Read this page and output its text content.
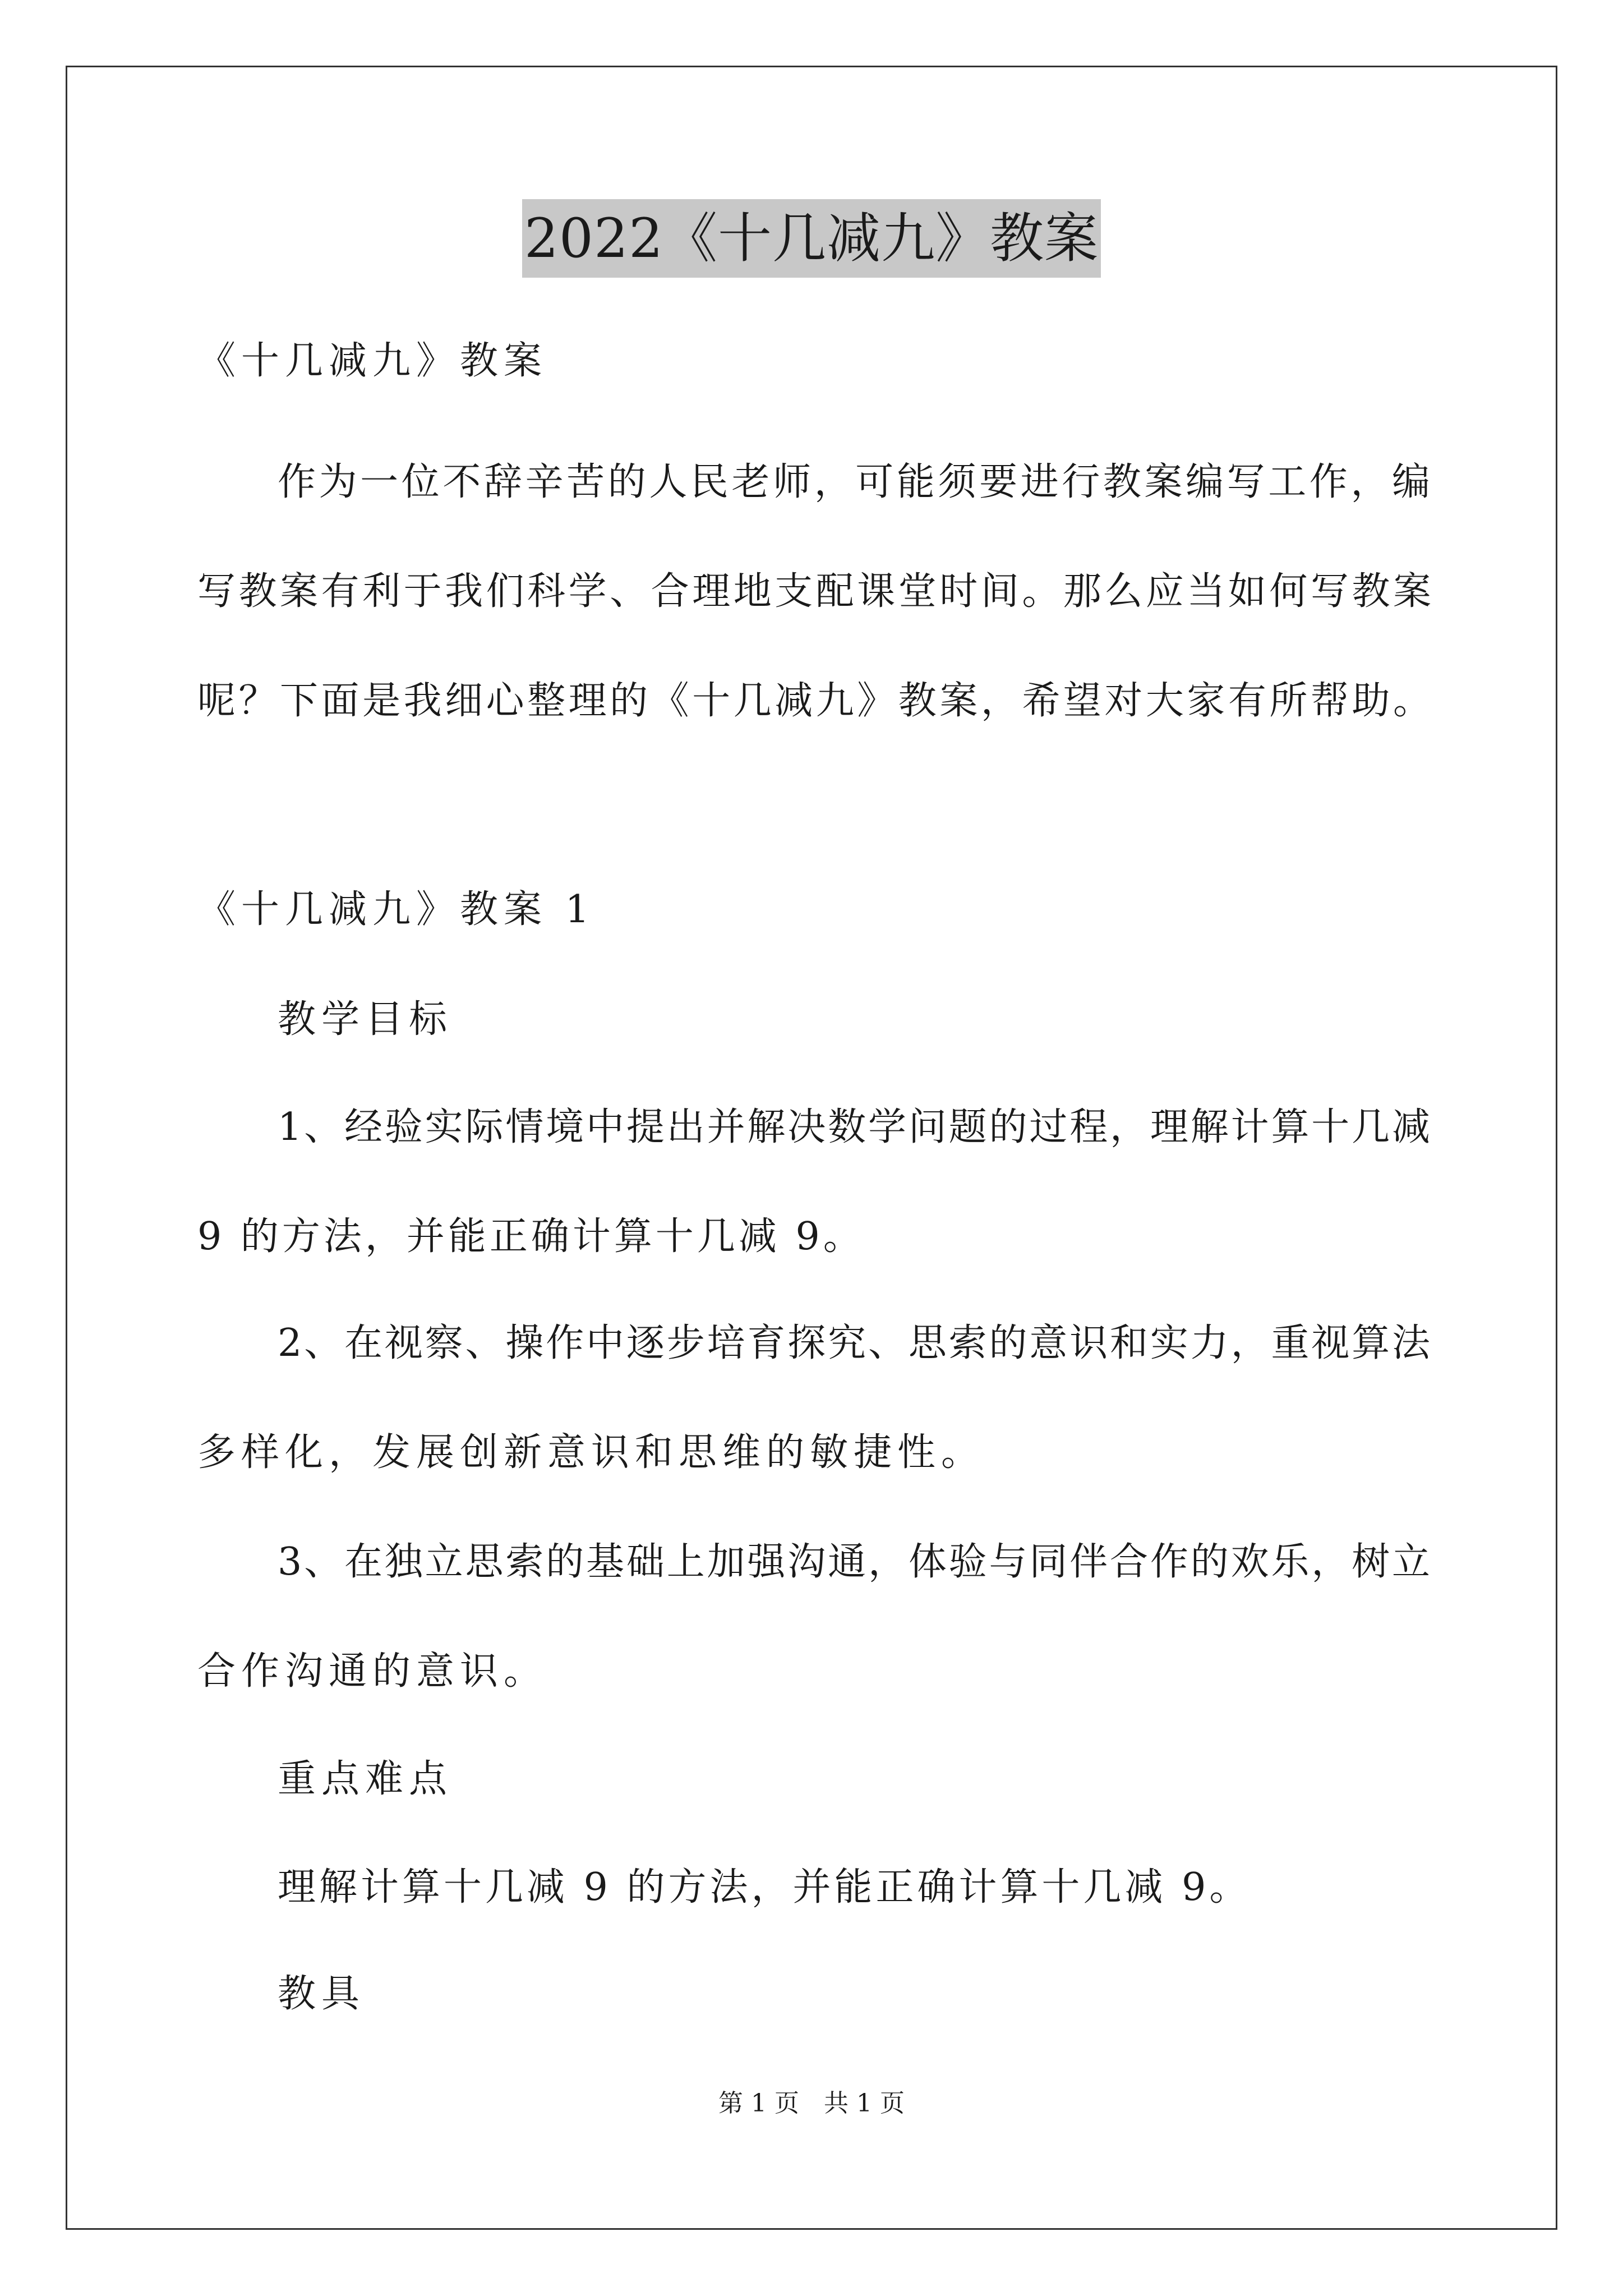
2022《十几减九》教案
《十几减九》教案
作为一位不辞辛苦的人民老师，可能须要进行教案编写工作，编
写教案有利于我们科学、合理地支配课堂时间。那么应当如何写教案
呢？下面是我细心整理的《十几减九》教案，希望对大家有所帮助。
《十几减九》教案 1
教学目标
1、经验实际情境中提出并解决数学问题的过程，理解计算十几减
9 的方法，并能正确计算十几减 9。
2、在视察、操作中逐步培育探究、思索的意识和实力，重视算法
多样化，发展创新意识和思维的敏捷性。
3、在独立思索的基础上加强沟通，体验与同伴合作的欢乐，树立
合作沟通的意识。
重点难点
理解计算十几减 9 的方法，并能正确计算十几减 9。
教具
第 1 页　共 1 页
